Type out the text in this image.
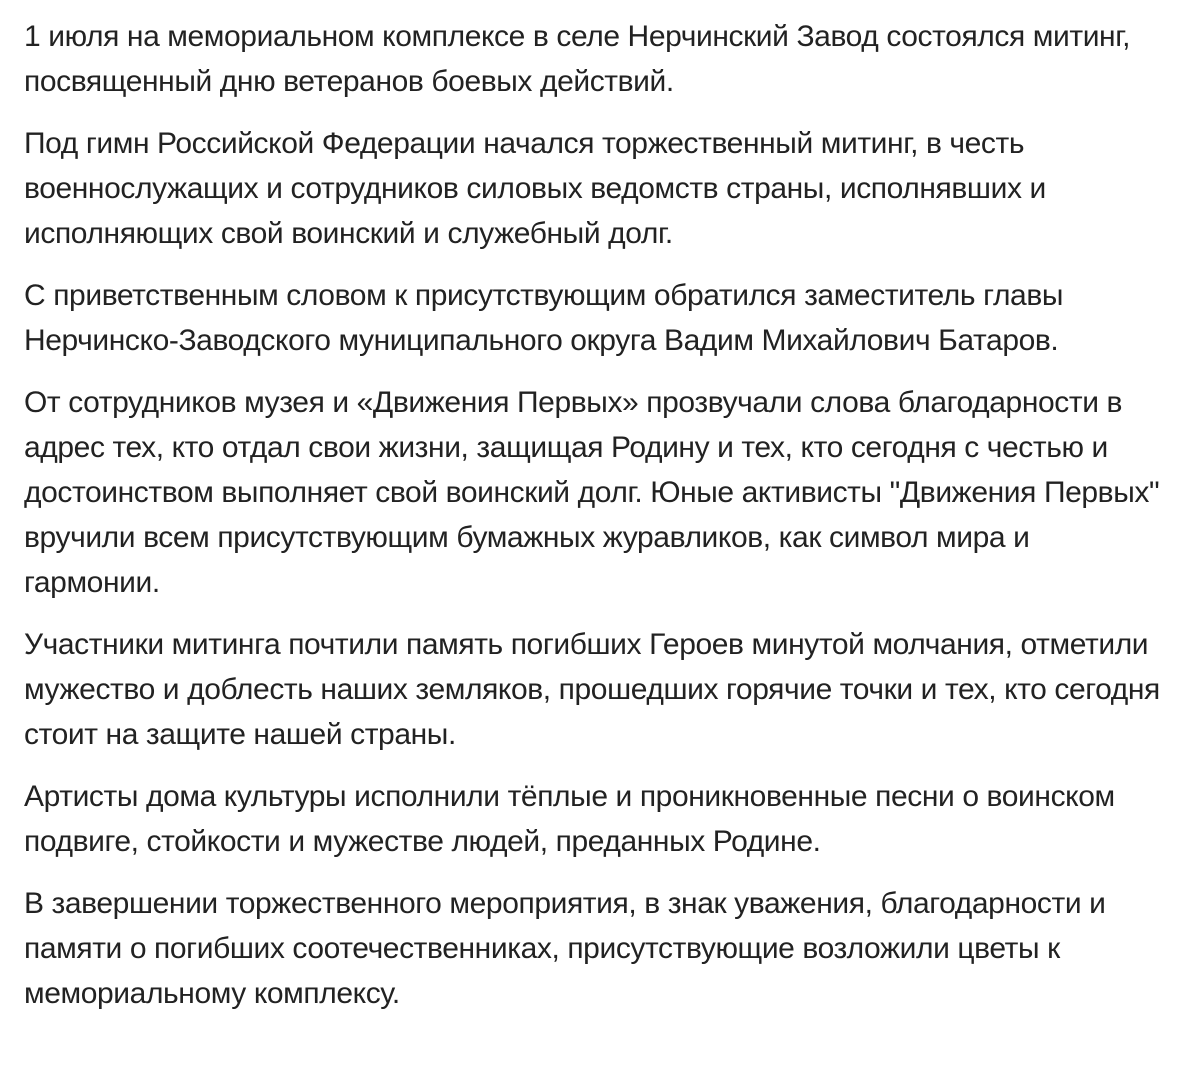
1 июля на мемориальном комплексе в селе Нерчинский Завод состоялся митинг, посвященный дню ветеранов боевых действий.

Под гимн Российской Федерации начался торжественный митинг, в честь военнослужащих и сотрудников силовых ведомств страны, исполнявших и исполняющих свой воинский и служебный долг.

С приветственным словом к присутствующим обратился заместитель главы Нерчинско-Заводского муниципального округа Вадим Михайлович Батаров.

От сотрудников музея и «Движения Первых» прозвучали слова благодарности в адрес тех, кто отдал свои жизни, защищая Родину и тех, кто сегодня с честью и достоинством выполняет свой воинский долг. Юные активисты "Движения Первых" вручили всем присутствующим бумажных журавликов, как символ мира и гармонии.

Участники митинга почтили память погибших Героев минутой молчания, отметили мужество и доблесть наших земляков, прошедших горячие точки и тех, кто сегодня стоит на защите нашей страны.

Артисты дома культуры исполнили тёплые и проникновенные песни о воинском подвиге, стойкости и мужестве людей, преданных Родине.

В завершении торжественного мероприятия, в знак уважения, благодарности и памяти о погибших соотечественниках, присутствующие возложили цветы к мемориальному комплексу.
